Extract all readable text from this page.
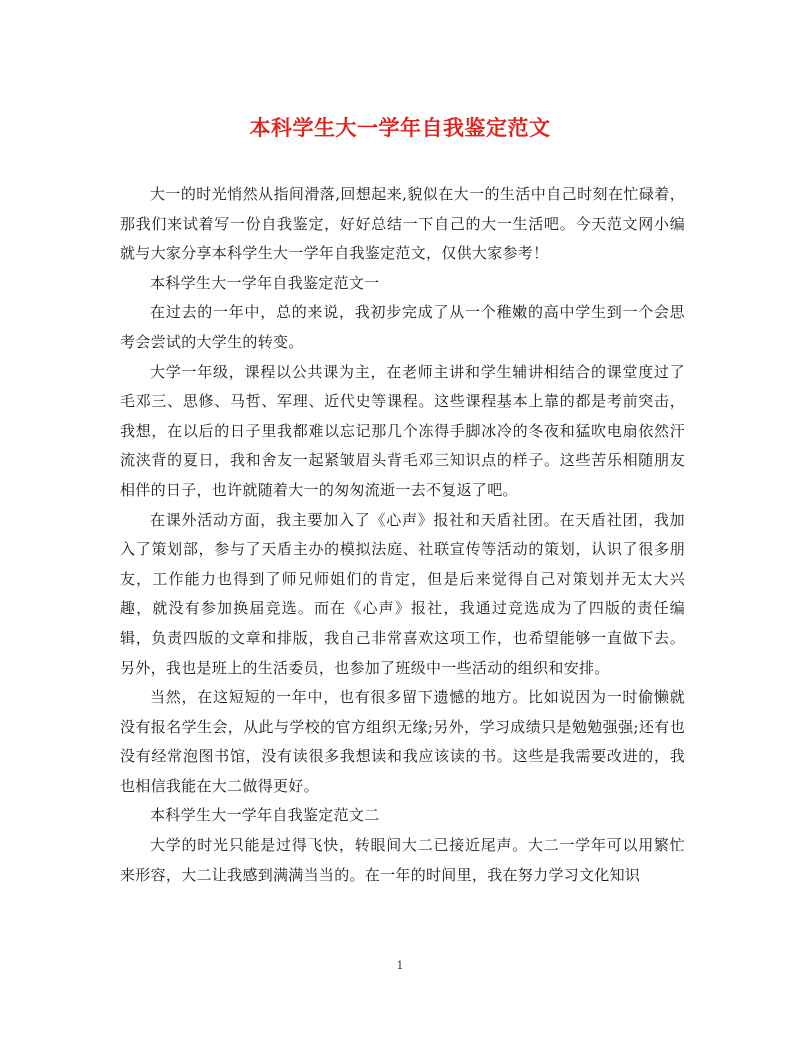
本科学生大一学年自我鉴定范文

大一的时光悄然从指间滑落,回想起来,貌似在大一的生活中自己时刻在忙碌着，那我们来试着写一份自我鉴定，好好总结一下自己的大一生活吧。今天范文网小编就与大家分享本科学生大一学年自我鉴定范文，仅供大家参考！

本科学生大一学年自我鉴定范文一

在过去的一年中，总的来说，我初步完成了从一个稚嫩的高中学生到一个会思考会尝试的大学生的转变。

大学一年级，课程以公共课为主，在老师主讲和学生辅讲相结合的课堂度过了毛邓三、思修、马哲、军理、近代史等课程。这些课程基本上靠的都是考前突击，我想，在以后的日子里我都难以忘记那几个冻得手脚冰冷的冬夜和猛吹电扇依然汗流浃背的夏日，我和舍友一起紧皱眉头背毛邓三知识点的样子。这些苦乐相随朋友相伴的日子，也许就随着大一的匆匆流逝一去不复返了吧。

在课外活动方面，我主要加入了《心声》报社和天盾社团。在天盾社团，我加入了策划部，参与了天盾主办的模拟法庭、社联宣传等活动的策划，认识了很多朋友，工作能力也得到了师兄师姐们的肯定，但是后来觉得自己对策划并无太大兴趣，就没有参加换届竞选。而在《心声》报社，我通过竞选成为了四版的责任编辑，负责四版的文章和排版，我自己非常喜欢这项工作，也希望能够一直做下去。另外，我也是班上的生活委员，也参加了班级中一些活动的组织和安排。

当然，在这短短的一年中，也有很多留下遗憾的地方。比如说因为一时偷懒就没有报名学生会，从此与学校的官方组织无缘;另外，学习成绩只是勉勉强强;还有也没有经常泡图书馆，没有读很多我想读和我应该读的书。这些是我需要改进的，我也相信我能在大二做得更好。

本科学生大一学年自我鉴定范文二

大学的时光只能是过得飞快，转眼间大二已接近尾声。大二一学年可以用繁忙来形容，大二让我感到满满当当的。在一年的时间里，我在努力学习文化知识

1
